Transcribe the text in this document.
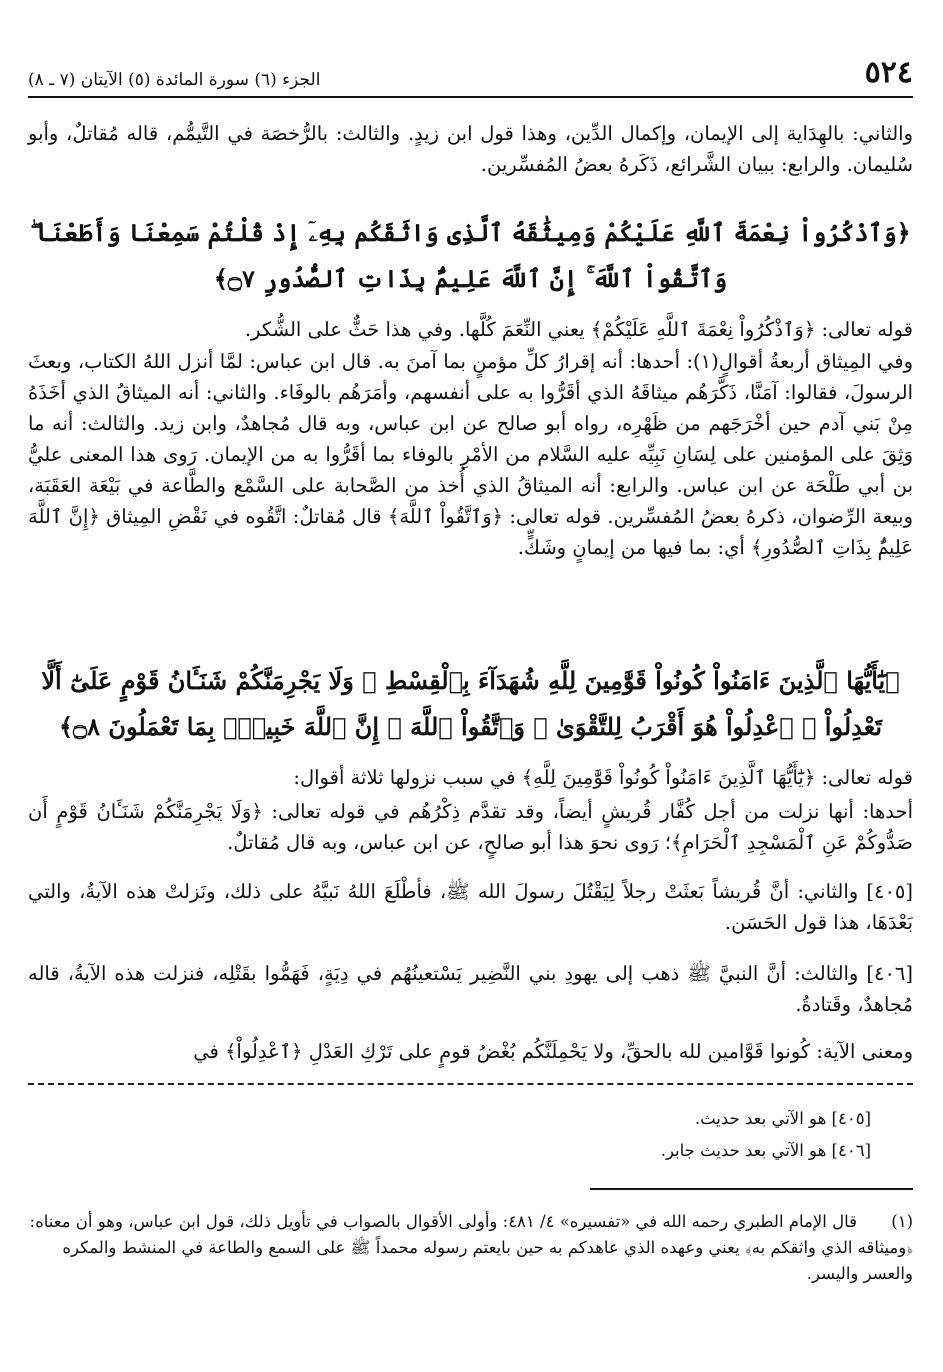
٥٢٤
الجزء (٦) سورة المائدة (٥) الآيتان (٧ ـ ٨)
والثاني: بالهِدَاية إلى الإيمان، وإكمال الدِّين، وهذا قول ابن زيدٍ. والثالث: بالرُّخصَة في التَّيمُّم، قاله مُقاتلٌ، وأبو سُليمان. والرابع: ببيان الشَّرائع، ذَكَرهُ بعضُ المُفسِّرين.
﴿وَٱذْكُرُواْ نِعْمَةَ ٱللَّهِ عَلَيْكُمْ وَمِيثَٰقَهُ ٱلَّذِى وَاثَقَكُم بِهِۦٓ إِذْ قُلْتُمْ سَمِعْنَا وَأَطَعْنَا ۖ وَٱتَّقُواْ ٱللَّهَ ۚ إِنَّ ٱللَّهَ عَلِيمٌۢ بِذَاتِ ٱلصُّدُورِ ۝٧﴾
قوله تعالى: ﴿وَٱذْكُرُواْ نِعْمَةَ ٱللَّهِ عَلَيْكُمْ﴾ يعني النِّعَمَ كُلَّها. وفي هذا حَثٌّ على الشُّكر.
وفي المِيثاق أربعةُ أقوالٍ(١): أحدها: أنه إقرارُ كلِّ مؤمنٍ بما آمنَ به. قال ابن عباس: لمَّا أنزل اللهُ الكتاب، وبعثَ الرسولَ، فقالوا: آمَنَّا، ذَكَّرَهُم ميثاقَهُ الذي أقَرُّوا به على أنفسهم، وأمَرَهُم بالوفَاء. والثاني: أنه الميثاقُ الذي أخَذَهُ مِنْ بَني آدم حين أخْرَجَهم من ظَهْرِه، رواه أبو صالح عن ابن عباس، وبه قال مُجاهدٌ، وابن زيد. والثالث: أنه ما وَثِقَ على المؤمنين على لِسَانِ نَبِيِّه عليه السَّلام من الأمْرِ بالوفاء بما أقَرُّوا به من الإيمان. رَوى هذا المعنى عليُّ بن أبي طَلْحَة عن ابن عباس. والرابع: أنه الميثاقُ الذي أُخذ من الصَّحابة على السَّمْع والطَّاعة في بَيْعَة العَقَبَة، وبيعة الرِّضوان، ذكرهُ بعضُ المُفسِّرين. قوله تعالى: ﴿وَٱتَّقُواْ ٱللَّهَ﴾ قال مُقاتلٌ: اتَّقُوه في نَقْضِ المِيثاق ﴿إِنَّ ٱللَّهَ عَلِيمٌۢ بِذَاتِ ٱلصُّدُورِ﴾ أي: بما فيها من إيمانٍ وشَكٍّ.
﴿يَٰٓأَيُّهَا ٱلَّذِينَ ءَامَنُواْ كُونُواْ قَوَّٰمِينَ لِلَّهِ شُهَدَآءَ بِٱلْقِسْطِ ۖ وَلَا يَجْرِمَنَّكُمْ شَنَـَٔانُ قَوْمٍ عَلَىٰٓ أَلَّا تَعْدِلُواْ ۚ ٱعْدِلُواْ هُوَ أَقْرَبُ لِلتَّقْوَىٰ ۖ وَٱتَّقُواْ ٱللَّهَ ۚ إِنَّ ٱللَّهَ خَبِيرٌۢ بِمَا تَعْمَلُونَ ۝٨﴾
قوله تعالى: ﴿يَٰٓأَيُّهَا ٱلَّذِينَ ءَامَنُواْ كُونُواْ قَوَّٰمِينَ لِلَّهِ﴾ في سبب نزولها ثلاثة أقوال:
أحدها: أنها نزلت من أجل كُفَّار قُريشٍ أيضاً، وقد تقدَّم ذِكْرُهُم في قوله تعالى: ﴿وَلَا يَجْرِمَنَّكُمْ شَنَـَٔانُ قَوْمٍ أَن صَدُّوكُمْ عَنِ ٱلْمَسْجِدِ ٱلْحَرَامِ﴾؛ رَوى نحوَ هذا أبو صالحٍ، عن ابن عباس، وبه قال مُقاتلٌ.
[٤٠٥] والثاني: أنَّ قُريشاً بَعثَتْ رجلاً لِيَقْتُلَ رسولَ الله ﷺ، فأطْلَعَ اللهُ نَبيَّهُ على ذلك، ونَزلتْ هذه الآيةُ، والتي بَعْدَهَا، هذا قول الحَسَن.
[٤٠٦] والثالث: أنَّ النبيَّ ﷺ ذهب إلى يهودِ بني النَّضِير يَسْتعينُهُم في دِيَةٍ، فَهَمُّوا بقَتْلِه، فنزلت هذه الآيةُ، قاله مُجاهدٌ، وقَتادةُ.
ومعنى الآية: كُونوا قَوَّامين لله بالحقِّ، ولا يَحْمِلَنَّكُم بُغْضُ قومٍ على تَرْكِ العَدْلِ ﴿ٱعْدِلُواْ﴾ في
[٤٠٥] هو الآتي بعد حديث.
[٤٠٦] هو الآتي بعد حديث جابر.
(١)قال الإمام الطبري رحمه الله في «تفسيره» ٤/ ٤٨١: وأولى الأقوال بالصواب في تأويل ذلك، قول ابن عباس، وهو أن معناه: ﴿وميثاقه الذي واثقكم به﴾ يعني وعهده الذي عاهدكم به حين بايعتم رسوله محمداً ﷺ على السمع والطاعة في المنشط والمكره والعسر واليسر.
